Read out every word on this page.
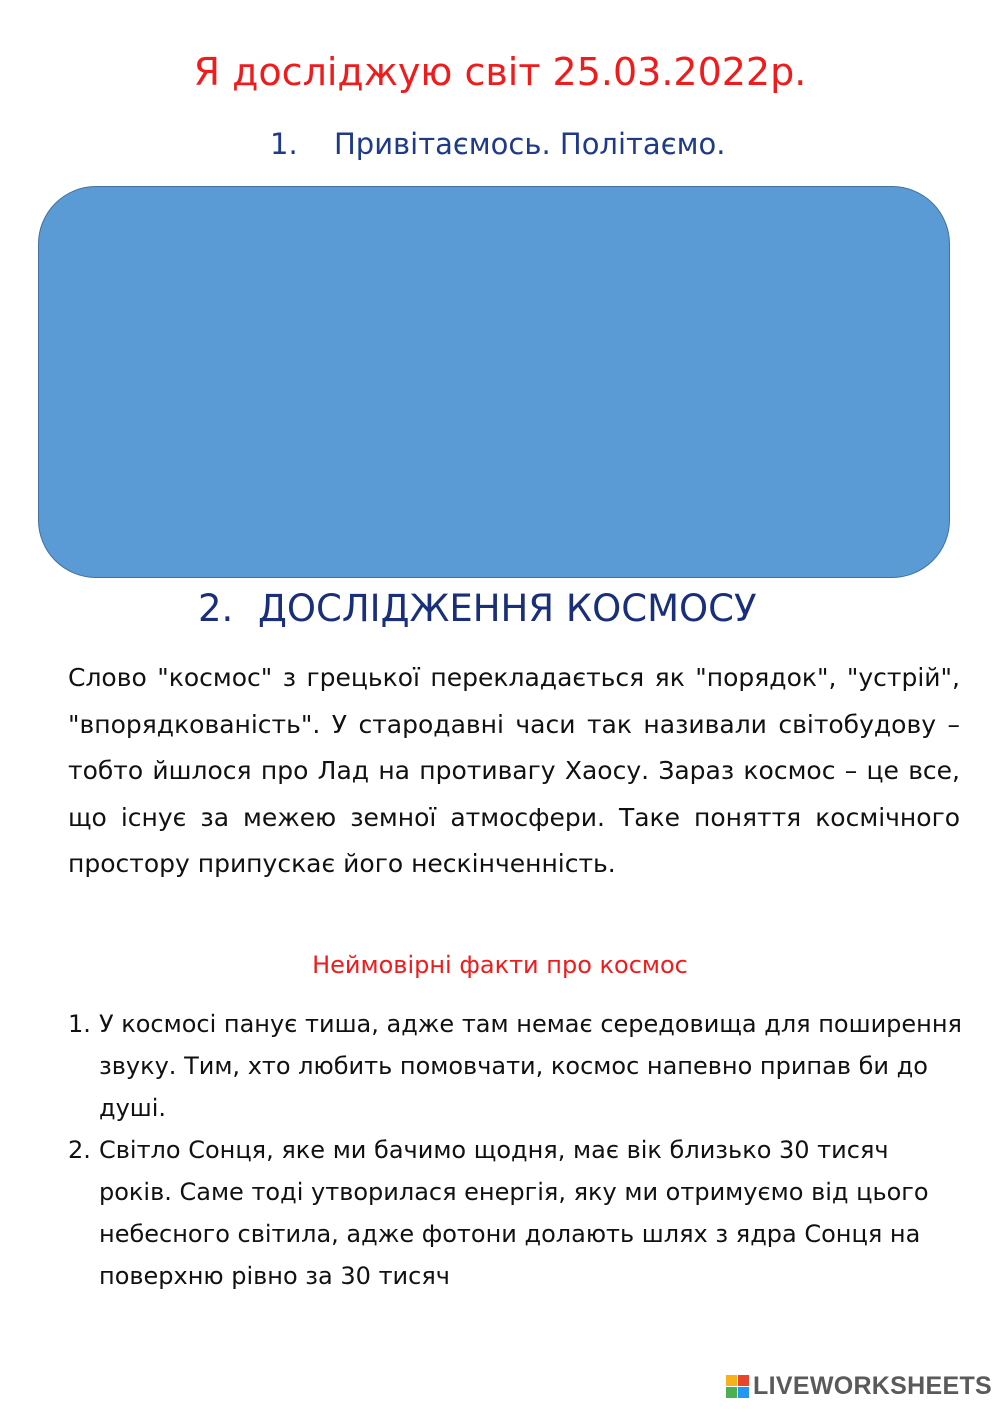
Я досліджую світ 25.03.2022р.
1. Привітаємось. Політаємо.
2. ДОСЛІДЖЕННЯ КОСМОСУ

Слово "космос" з грецької перекладається як "порядок", "устрій", "впорядкованість". У стародавні часи так називали світобудову – тобто йшлося про Лад на противагу Хаосу. Зараз космос – це все, що існує за межею земної атмосфери. Таке поняття космічного простору припускає його нескінченність.

Неймовірні факти про космос
1. У космосі панує тиша, адже там немає середовища для поширення звуку. Тим, хто любить помовчати, космос напевно припав би до душі.
2. Світло Сонця, яке ми бачимо щодня, має вік близько 30 тисяч років. Саме тоді утворилася енергія, яку ми отримуємо від цього небесного світила, адже фотони долають шлях з ядра Сонця на поверхню рівно за 30 тисяч
LIVEWORKSHEETS
